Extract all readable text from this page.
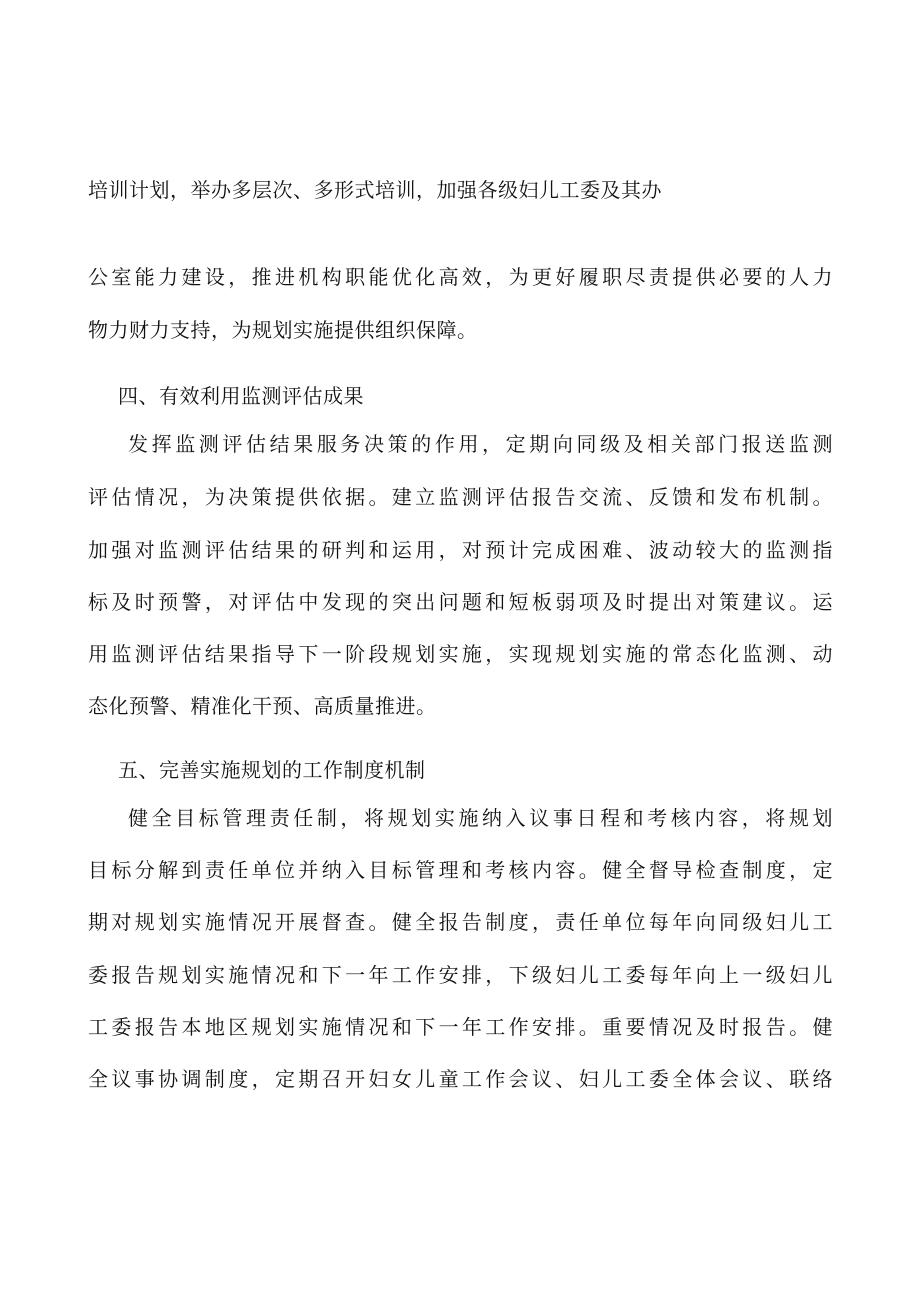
培训计划，举办多层次、多形式培训，加强各级妇儿工委及其办
公室能力建设，推进机构职能优化高效，为更好履职尽责提供必要的人力
物力财力支持，为规划实施提供组织保障。
四、有效利用监测评估成果
发挥监测评估结果服务决策的作用，定期向同级及相关部门报送监测
评估情况，为决策提供依据。建立监测评估报告交流、反馈和发布机制。
加强对监测评估结果的研判和运用，对预计完成困难、波动较大的监测指
标及时预警，对评估中发现的突出问题和短板弱项及时提出对策建议。运
用监测评估结果指导下一阶段规划实施，实现规划实施的常态化监测、动
态化预警、精准化干预、高质量推进。
五、完善实施规划的工作制度机制
健全目标管理责任制，将规划实施纳入议事日程和考核内容，将规划
目标分解到责任单位并纳入目标管理和考核内容。健全督导检查制度，定
期对规划实施情况开展督查。健全报告制度，责任单位每年向同级妇儿工
委报告规划实施情况和下一年工作安排，下级妇儿工委每年向上一级妇儿
工委报告本地区规划实施情况和下一年工作安排。重要情况及时报告。健
全议事协调制度，定期召开妇女儿童工作会议、妇儿工委全体会议、联络
